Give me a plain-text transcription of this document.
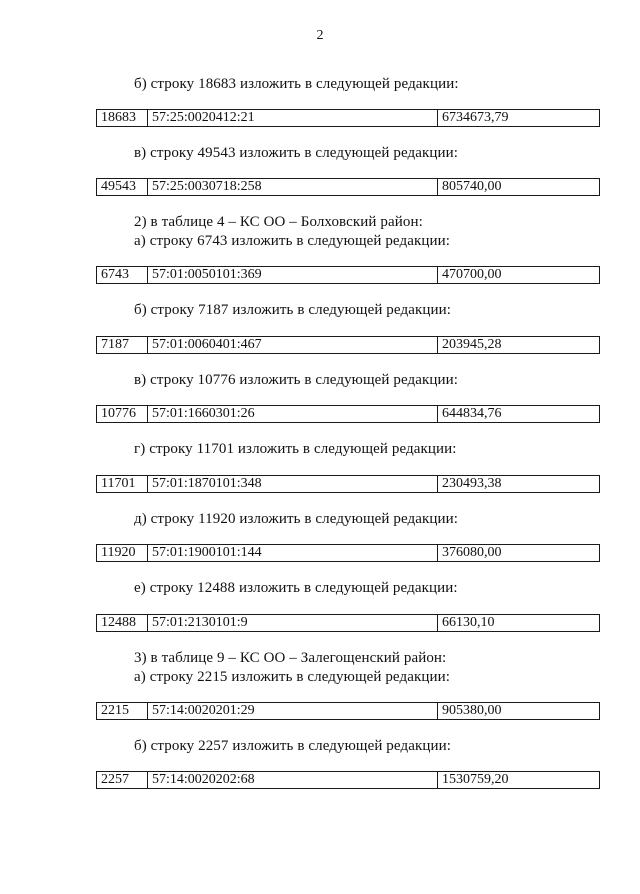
2
б) строку 18683 изложить в следующей редакции:
в) строку 49543 изложить в следующей редакции:
2) в таблице 4 – КС ОО – Болховский район:
а) строку 6743 изложить в следующей редакции:
б) строку 7187 изложить в следующей редакции:
в) строку 10776 изложить в следующей редакции:
г) строку 11701 изложить в следующей редакции:
д) строку 11920 изложить в следующей редакции:
е) строку 12488 изложить в следующей редакции:
3) в таблице 9 – КС ОО – Залегощенский район:
а) строку 2215 изложить в следующей редакции:
б) строку 2257 изложить в следующей редакции:
18683	57:25:0020412:21	6734673,79
49543	57:25:0030718:258	805740,00
6743	57:01:0050101:369	470700,00
7187	57:01:0060401:467	203945,28
10776	57:01:1660301:26	644834,76
11701	57:01:1870101:348	230493,38
11920	57:01:1900101:144	376080,00
12488	57:01:2130101:9	66130,10
2215	57:14:0020201:29	905380,00
2257	57:14:0020202:68	1530759,20
